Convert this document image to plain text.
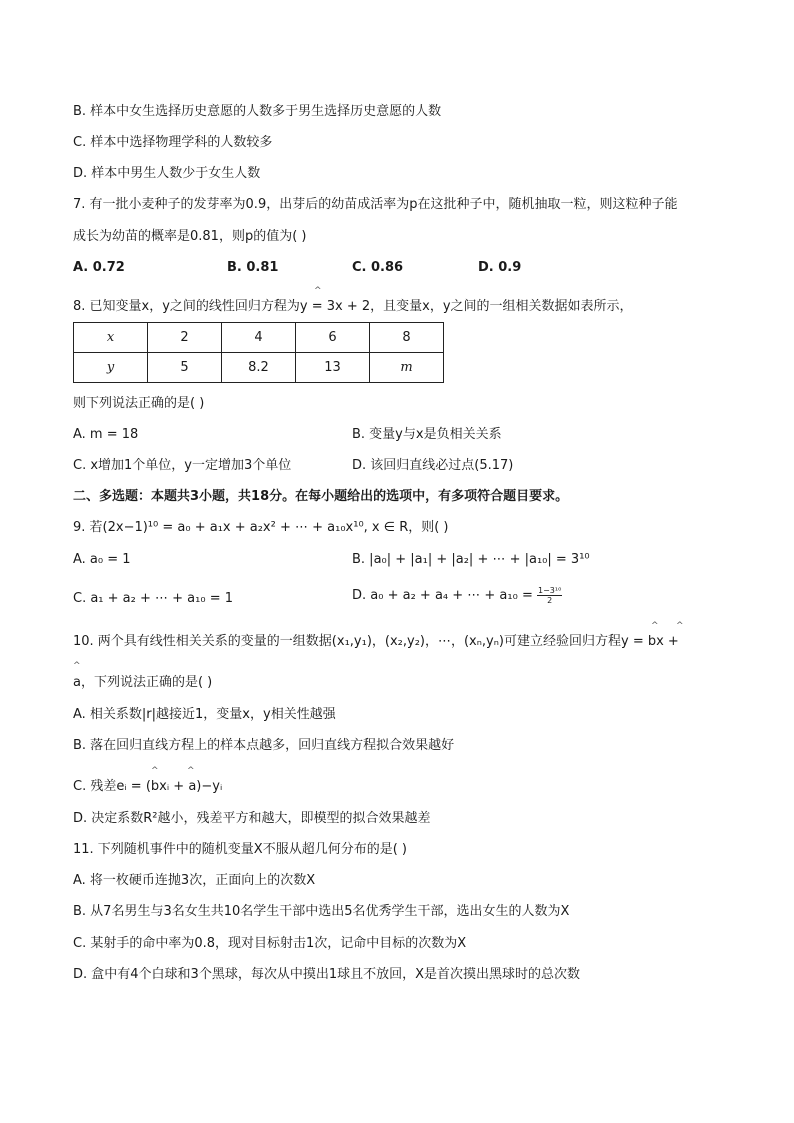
B. 样本中女生选择历史意愿的人数多于男生选择历史意愿的人数
C. 样本中选择物理学科的人数较多
D. 样本中男生人数少于女生人数
7. 有一批小麦种子的发芽率为0.9，出芽后的幼苗成活率为p在这批种子中，随机抽取一粒，则这粒种子能
成长为幼苗的概率是0.81，则p的值为( )
A. 0.72	B. 0.81	C. 0.86	D. 0.9
^
8. 已知变量x，y之间的线性回归方程为y = 3x + 2，且变量x，y之间的一组相关数据如表所示，
x	2	4	6	8
y	5	8.2	13	m
则下列说法正确的是( )
A. m = 18	B. 变量y与x是负相关关系
C. x增加1个单位，y一定增加3个单位	D. 该回归直线必过点(5.17)
二、多选题：本题共3小题，共18分。在每小题给出的选项中，有多项符合题目要求。
9. 若(2x−1)¹⁰ = a₀ + a₁x + a₂x² + ⋯ + a₁₀x¹⁰, x ∈ R，则( )
A. a₀ = 1	B. |a₀| + |a₁| + |a₂| + ⋯ + |a₁₀| = 3¹⁰
C. a₁ + a₂ + ⋯ + a₁₀ = 1	D. a₀ + a₂ + a₄ + ⋯ + $a_{10} = \frac{\text{1−3¹⁰}}{2}$
^ ^
10. 两个具有线性相关关系的变量的一组数据(x₁,y₁)，(x₂,y₂)，⋯，(xₙ,yₙ)可建立经验回归方程y = bx +
^
a，下列说法正确的是( )
A. 相关系数|r|越接近1，变量x，y相关性越强
B. 落在回归直线方程上的样本点越多，回归直线方程拟合效果越好
^	^
C. 残差eᵢ = (bxᵢ + a)−yᵢ
D. 决定系数R²越小，残差平方和越大，即模型的拟合效果越差
11. 下列随机事件中的随机变量X不服从超几何分布的是( )
A. 将一枚硬币连抛3次，正面向上的次数X
B. 从7名男生与3名女生共10名学生干部中选出5名优秀学生干部，选出女生的人数为X
C. 某射手的命中率为0.8，现对目标射击1次，记命中目标的次数为X
D. 盒中有4个白球和3个黑球，每次从中摸出1球且不放回，X是首次摸出黑球时的总次数
